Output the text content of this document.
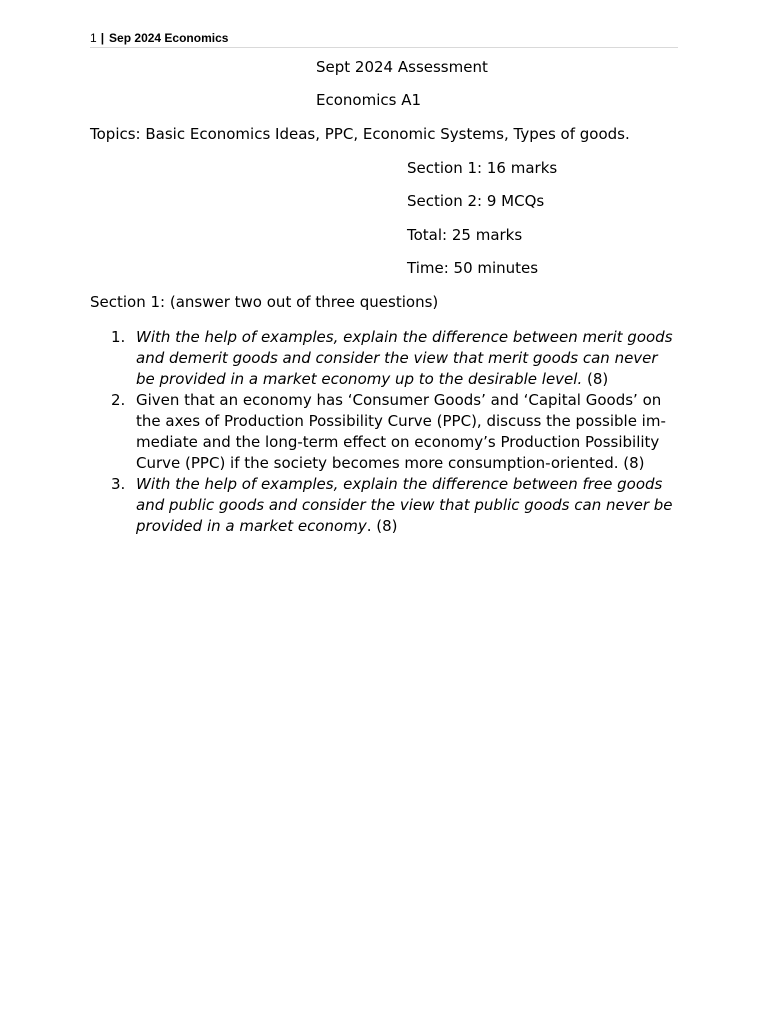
1 | Sep 2024 Economics
Sept 2024 Assessment
Economics A1
Topics: Basic Economics Ideas, PPC, Economic Systems, Types of goods.
Section 1: 16 marks
Section 2: 9 MCQs
Total: 25 marks
Time: 50 minutes
Section 1: (answer two out of three questions)
1. With the help of examples, explain the difference between merit goods
and demerit goods and consider the view that merit goods can never
be provided in a market economy up to the desirable level. (8)
2. Given that an economy has ‘Consumer Goods’ and ‘Capital Goods’ on
the axes of Production Possibility Curve (PPC), discuss the possible im-
mediate and the long-term effect on economy’s Production Possibility
Curve (PPC) if the society becomes more consumption-oriented. (8)
3. With the help of examples, explain the difference between free goods
and public goods and consider the view that public goods can never be
provided in a market economy. (8)
